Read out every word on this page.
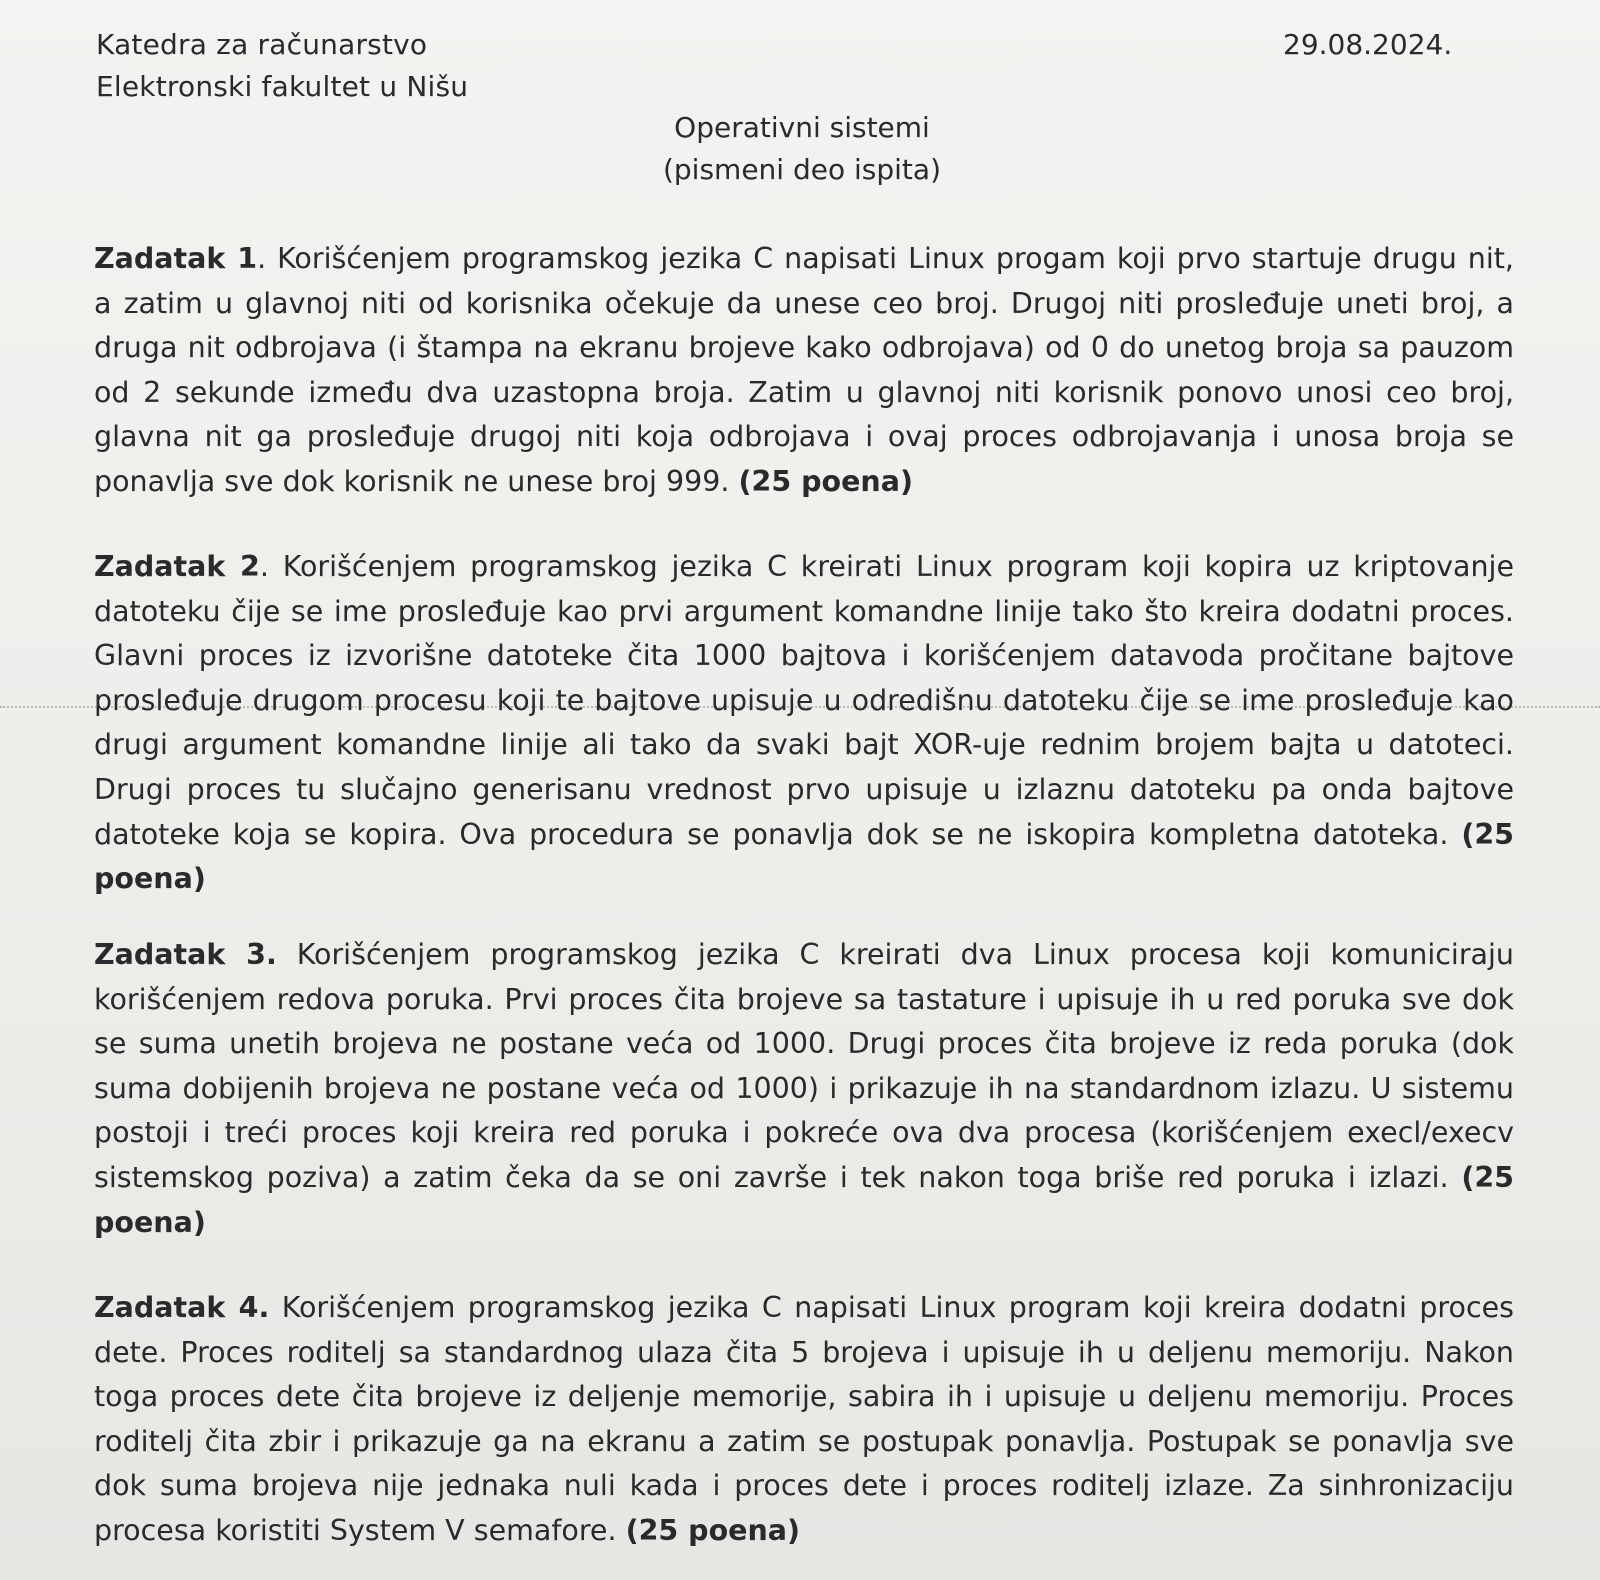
Katedra za računarstvo
Elektronski fakultet u Nišu
29.08.2024.
Operativni sistemi
(pismeni deo ispita)

Zadatak 1. Korišćenjem programskog jezika C napisati Linux progam koji prvo startuje drugu nit, a zatim u glavnoj niti od korisnika očekuje da unese ceo broj. Drugoj niti prosleđuje uneti broj, a druga nit odbrojava (i štampa na ekranu brojeve kako odbrojava) od 0 do unetog broja sa pauzom od 2 sekunde između dva uzastopna broja. Zatim u glavnoj niti korisnik ponovo unosi ceo broj, glavna nit ga prosleđuje drugoj niti koja odbrojava i ovaj proces odbrojavanja i unosa broja se ponavlja sve dok korisnik ne unese broj 999. (25 poena)

Zadatak 2. Korišćenjem programskog jezika C kreirati Linux program koji kopira uz kriptovanje datoteku čije se ime prosleđuje kao prvi argument komandne linije tako što kreira dodatni proces. Glavni proces iz izvorišne datoteke čita 1000 bajtova i korišćenjem datavoda pročitane bajtove prosleđuje drugom procesu koji te bajtove upisuje u odredišnu datoteku čije se ime prosleđuje kao drugi argument komandne linije ali tako da svaki bajt XOR-uje rednim brojem bajta u datoteci. Drugi proces tu slučajno generisanu vrednost prvo upisuje u izlaznu datoteku pa onda bajtove datoteke koja se kopira. Ova procedura se ponavlja dok se ne iskopira kompletna datoteka. (25 poena)

Zadatak 3. Korišćenjem programskog jezika C kreirati dva Linux procesa koji komuniciraju korišćenjem redova poruka. Prvi proces čita brojeve sa tastature i upisuje ih u red poruka sve dok se suma unetih brojeva ne postane veća od 1000. Drugi proces čita brojeve iz reda poruka (dok suma dobijenih brojeva ne postane veća od 1000) i prikazuje ih na standardnom izlazu. U sistemu postoji i treći proces koji kreira red poruka i pokreće ova dva procesa (korišćenjem execl/execv sistemskog poziva) a zatim čeka da se oni završe i tek nakon toga briše red poruka i izlazi. (25 poena)

Zadatak 4. Korišćenjem programskog jezika C napisati Linux program koji kreira dodatni proces dete. Proces roditelj sa standardnog ulaza čita 5 brojeva i upisuje ih u deljenu memoriju. Nakon toga proces dete čita brojeve iz deljenje memorije, sabira ih i upisuje u deljenu memoriju. Proces roditelj čita zbir i prikazuje ga na ekranu a zatim se postupak ponavlja. Postupak se ponavlja sve dok suma brojeva nije jednaka nuli kada i proces dete i proces roditelj izlaze. Za sinhronizaciju procesa koristiti System V semafore. (25 poena)
